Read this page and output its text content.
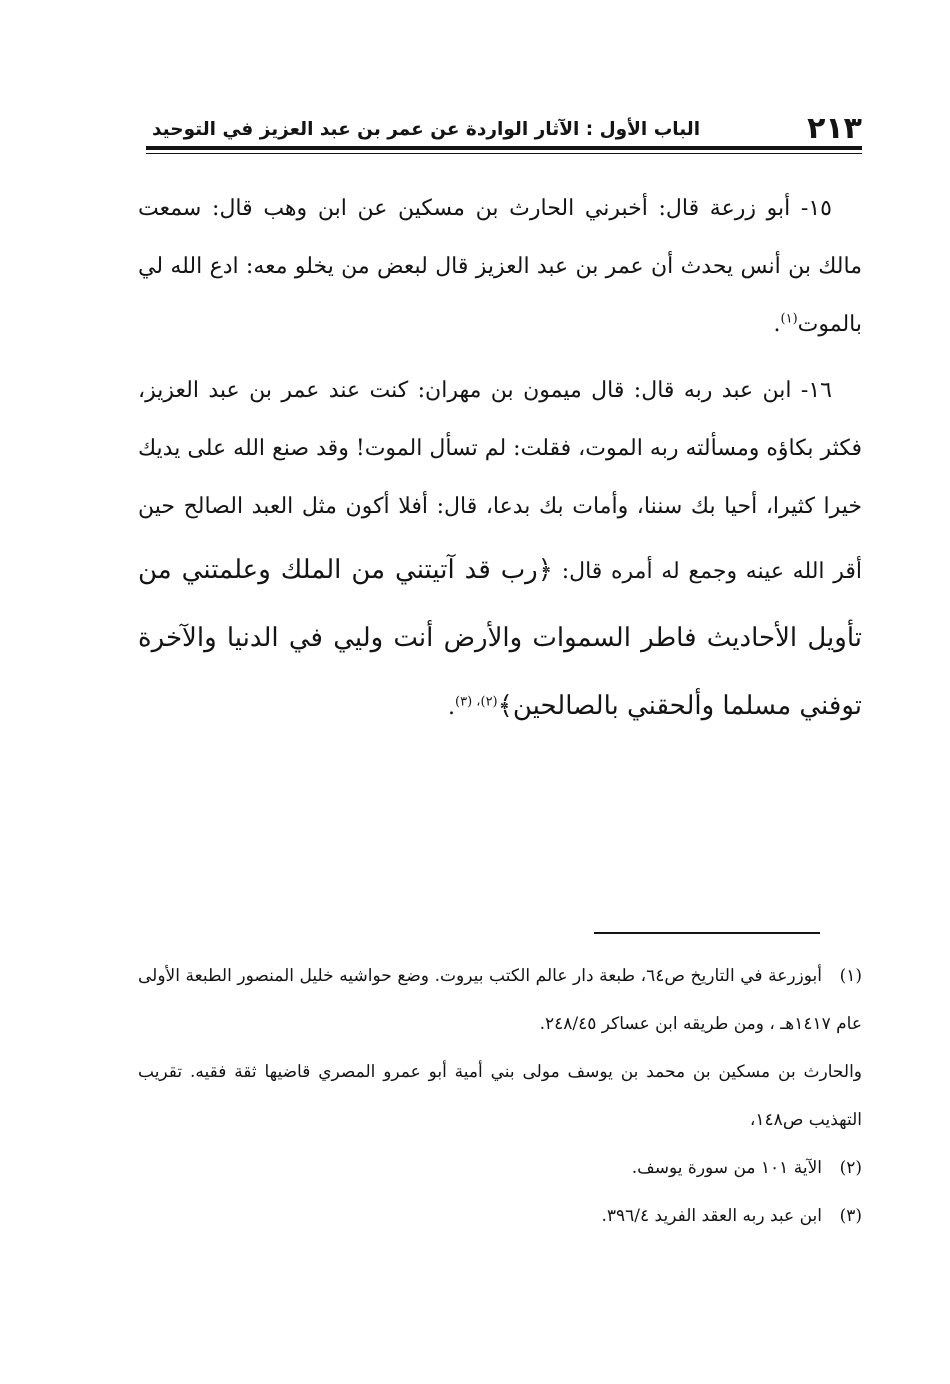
٢١٣
الباب الأول : الآثار الواردة عن عمر بن عبد العزيز في التوحيد

١٥- أبو زرعة قال: أخبرني الحارث بن مسكين عن ابن وهب قال: سمعت مالك بن أنس يحدث أن عمر بن عبد العزيز قال لبعض من يخلو معه: ادع الله لي بالموت$^{(١)}$.

١٦- ابن عبد ربه قال: قال ميمون بن مهران: كنت عند عمر بن عبد العزيز، فكثر بكاؤه ومسألته ربه الموت، فقلت: لم تسأل الموت! وقد صنع الله على يديك خيرا كثيرا، أحيا بك سننا، وأمات بك بدعا، قال: أفلا أكون مثل العبد الصالح حين أقر الله عينه وجمع له أمره قال: ﴿رب قد آتيتني من الملك وعلمتني من تأويل الأحاديث فاطر السموات والأرض أنت وليي في الدنيا والآخرة توفني مسلما وألحقني بالصالحين﴾$^{(٢)، (٣)}$.

(١)أبوزرعة في التاريخ ص٦٤، طبعة دار عالم الكتب بيروت. وضع حواشيه خليل المنصور الطبعة الأولى عام ١٤١٧هـ ، ومن طريقه ابن عساكر ٢٤٨/٤٥.

والحارث بن مسكين بن محمد بن يوسف مولى بني أمية أبو عمرو المصري قاضيها ثقة فقيه. تقريب التهذيب ص١٤٨،

(٢)الآية ١٠١ من سورة يوسف.

(٣)ابن عبد ربه العقد الفريد ٣٩٦/٤.
